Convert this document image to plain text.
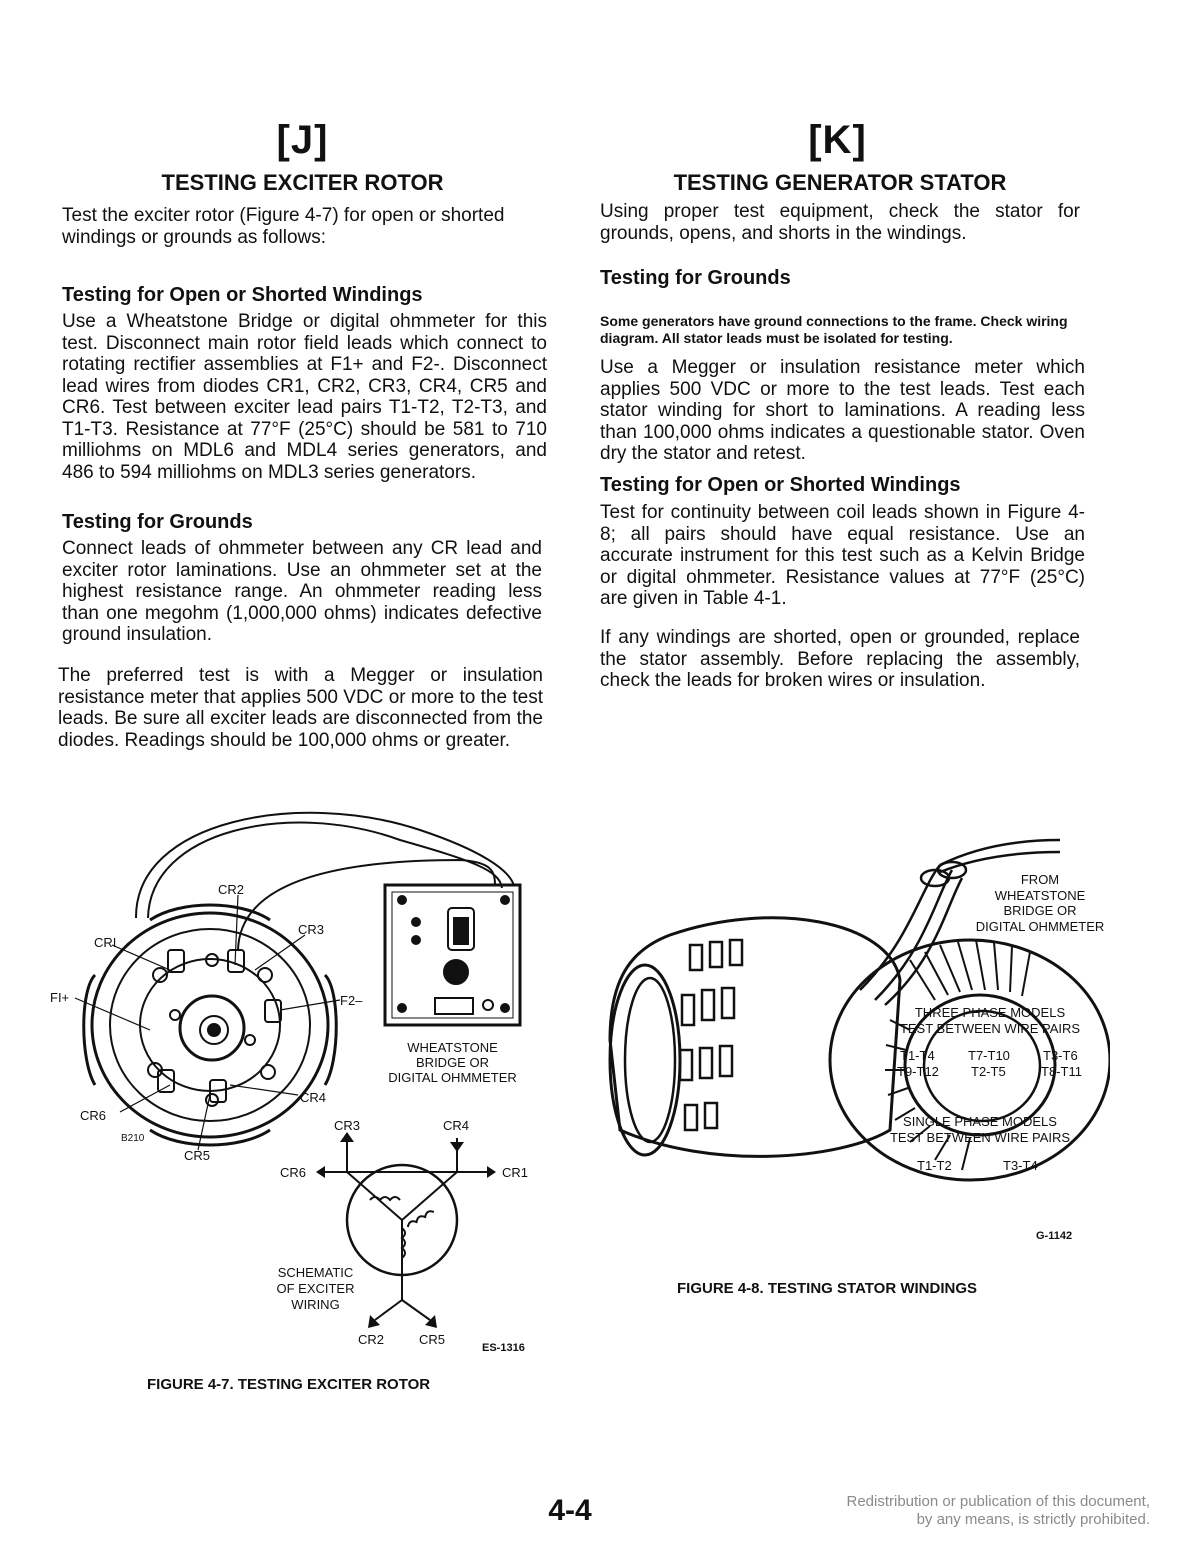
[J]
TESTING EXCITER ROTOR
Test the exciter rotor (Figure 4-7) for open or shorted windings or grounds as follows:
Testing for Open or Shorted Windings
Use a Wheatstone Bridge or digital ohmmeter for this test. Disconnect main rotor field leads which connect to rotating rectifier assemblies at F1+ and F2-. Disconnect lead wires from diodes CR1, CR2, CR3, CR4, CR5 and CR6. Test between exciter lead pairs T1-T2, T2-T3, and T1-T3. Resistance at 77°F (25°C) should be 581 to 710 milliohms on MDL6 and MDL4 series generators, and 486 to 594 milliohms on MDL3 series generators.
Testing for Grounds
Connect leads of ohmmeter between any CR lead and exciter rotor laminations. Use an ohmmeter set at the highest resistance range. An ohmmeter reading less than one megohm (1,000,000 ohms) indicates defective ground insulation.
The preferred test is with a Megger or insulation resistance meter that applies 500 VDC or more to the test leads. Be sure all exciter leads are disconnected from the diodes. Readings should be 100,000 ohms or greater.
[K]
TESTING GENERATOR STATOR
Using proper test equipment, check the stator for grounds, opens, and shorts in the windings.
Testing for Grounds
Some generators have ground connections to the frame. Check wiring diagram. All stator leads must be isolated for testing.
Use a Megger or insulation resistance meter which applies 500 VDC or more to the test leads. Test each stator winding for short to laminations. A reading less than 100,000 ohms indicates a questionable stator. Oven dry the stator and retest.
Testing for Open or Shorted Windings
Test for continuity between coil leads shown in Figure 4-8; all pairs should have equal resistance. Use an accurate instrument for this test such as a Kelvin Bridge or digital ohmmeter. Resistance values at 77°F (25°C) are given in Table 4-1.
If any windings are shorted, open or grounded, replace the stator assembly. Before replacing the assembly, check the leads for broken wires or insulation.
CR2
CR3
CRI
FI+	F2–
CR4
CR6
B210
CR5
WHEATSTONE
BRIDGE OR
DIGITAL OHMMETER
CR3	CR4
CR6	CR1
CR2	CR5
SCHEMATIC
OF EXCITER
WIRING
ES-1316
FIGURE 4-7. TESTING EXCITER ROTOR
FROM
WHEATSTONE
BRIDGE OR
DIGITAL OHMMETER
THREE PHASE MODELS
TEST BETWEEN WIRE PAIRS
T1-T4	T7-T10	T3-T6
T9-T12 T2-T5	T8-T11
SINGLE PHASE MODELS
TEST BETWEEN WIRE PAIRS
T1-T2	T3-T4
G-1142
FIGURE 4-8. TESTING STATOR WINDINGS
4-4	Redistribution or publication of this document,
by any means, is strictly prohibited.
